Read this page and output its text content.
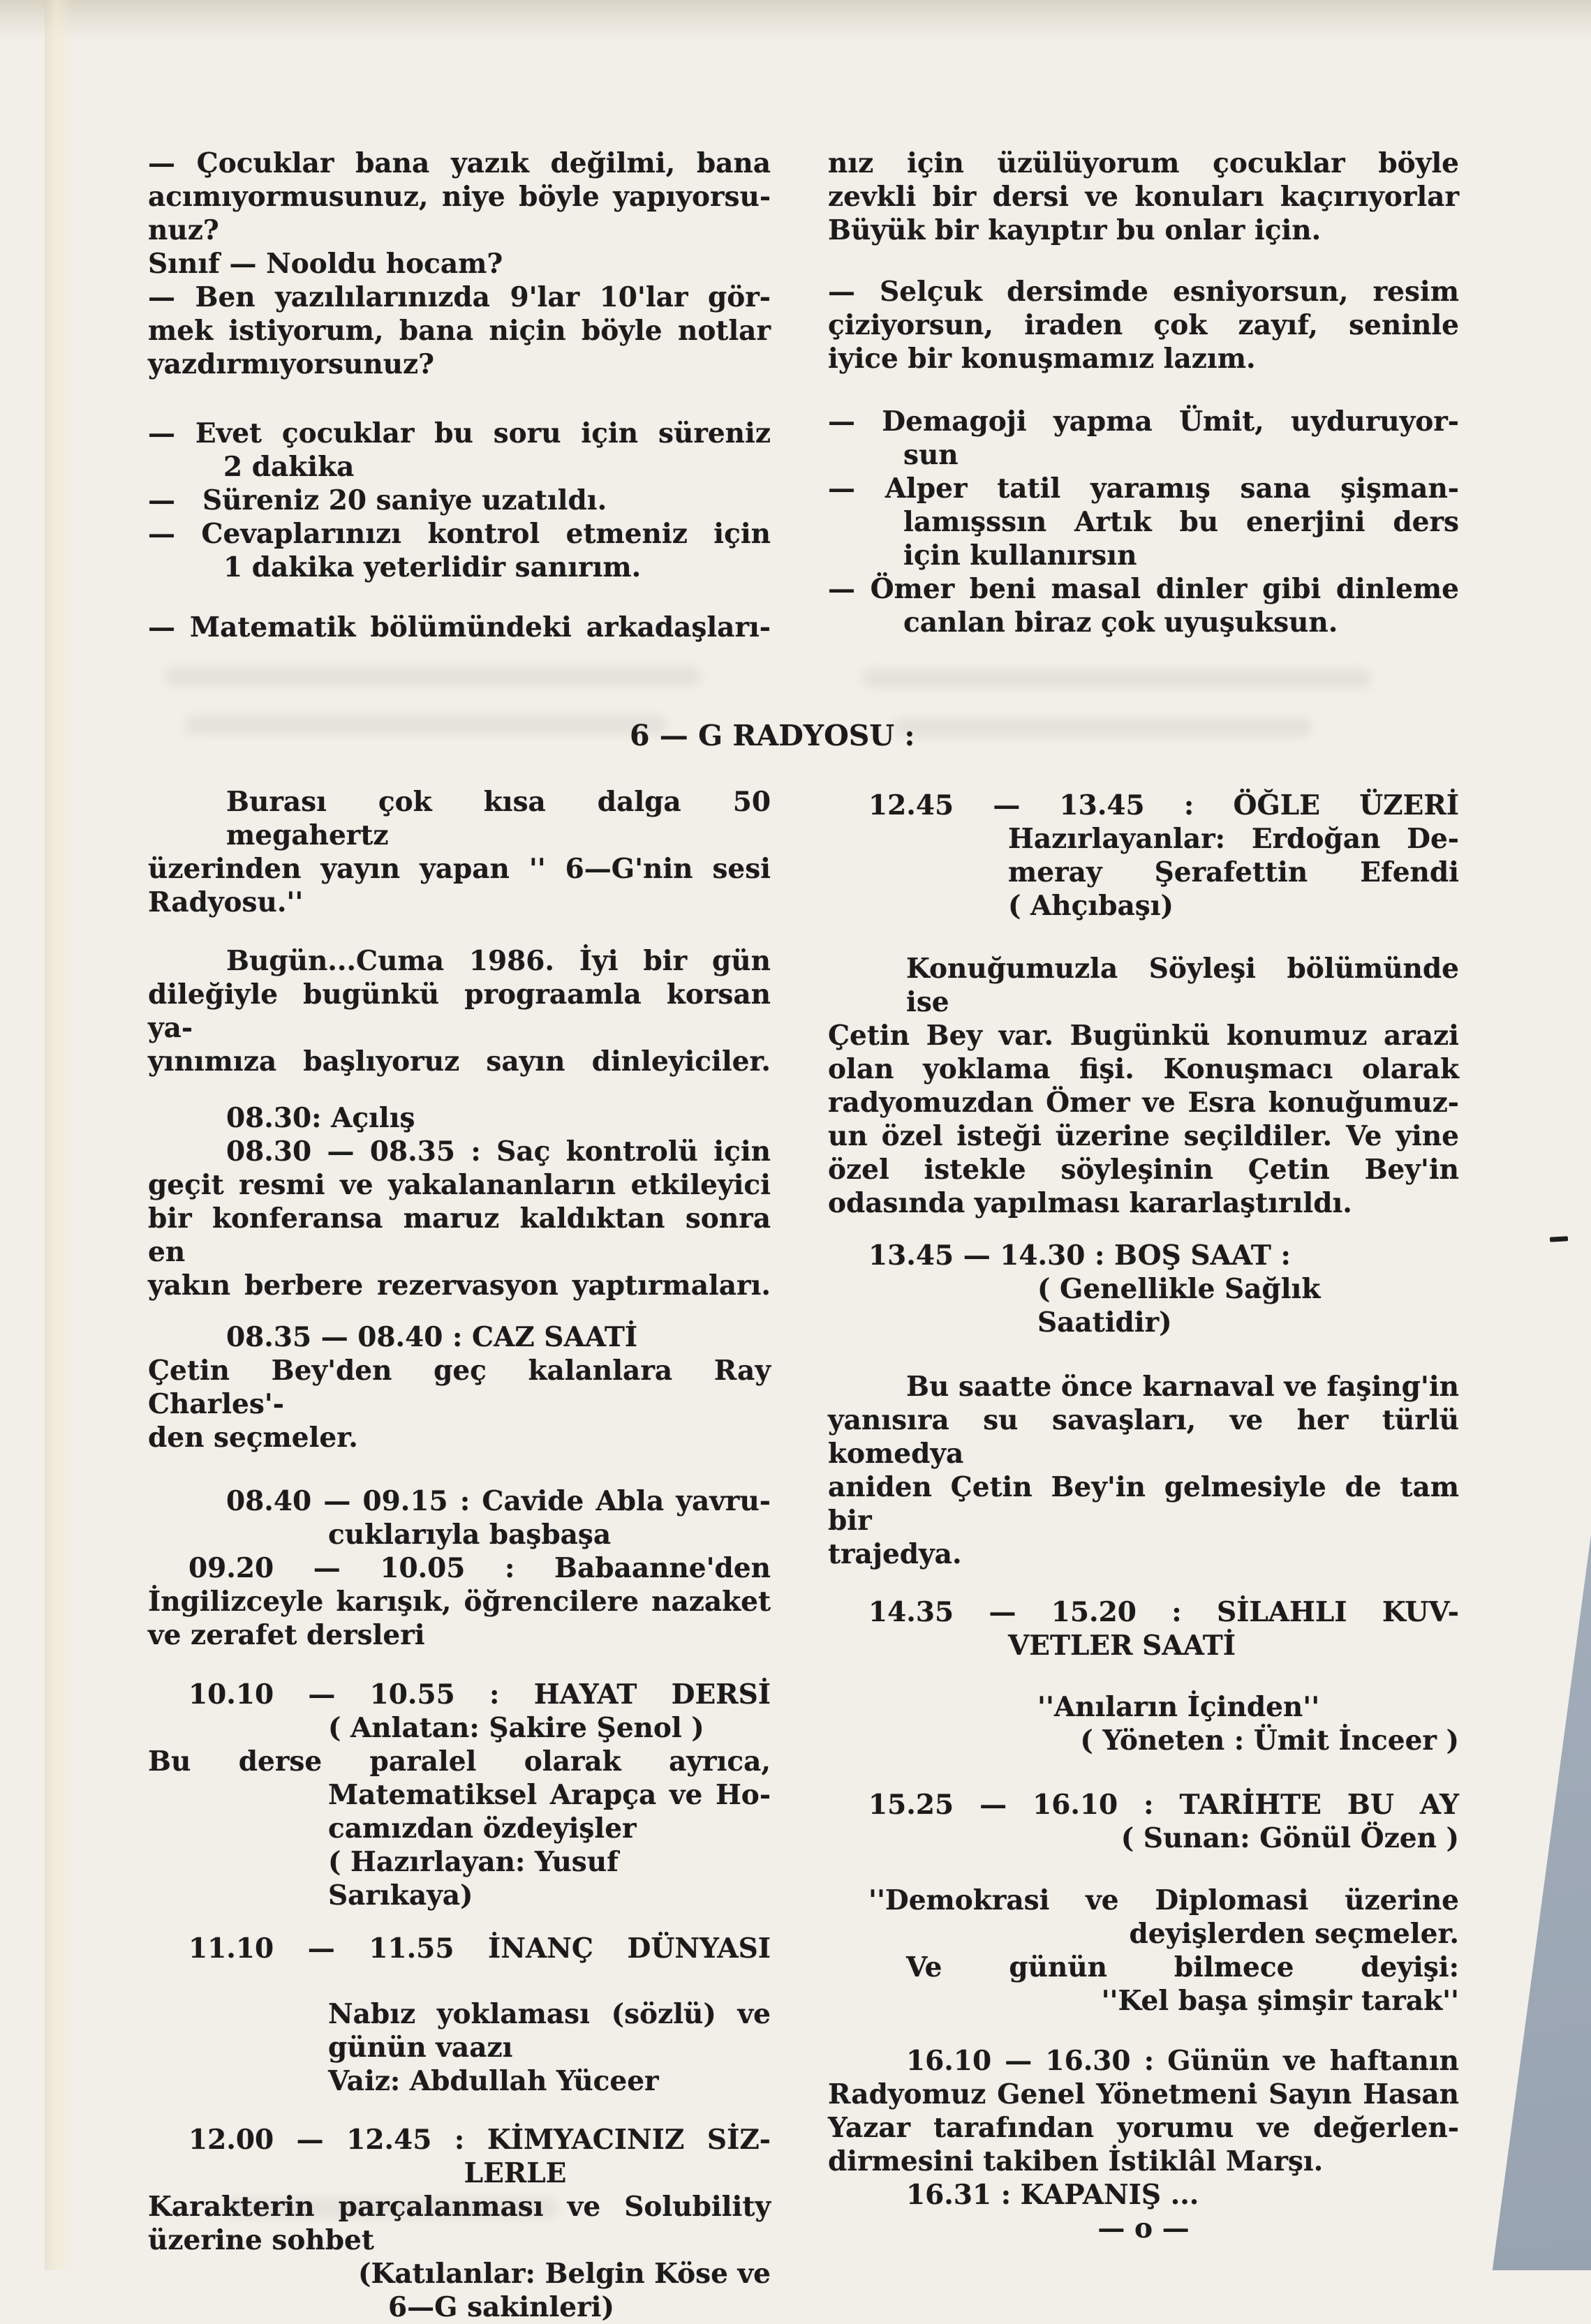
6 — G RADYOSU :
— Çocuklar bana yazık değilmi, bana
acımıyormusunuz, niye böyle yapıyorsu-
nuz?
Sınıf — Nooldu hocam?
— Ben yazılılarınızda 9'lar 10'lar gör-
mek istiyorum, bana niçin böyle notlar
yazdırmıyorsunuz?
— Evet çocuklar bu soru için süreniz
2 dakika
— Süreniz 20 saniye uzatıldı.
— Cevaplarınızı kontrol etmeniz için
1 dakika yeterlidir sanırım.
— Matematik bölümündeki arkadaşları-
Burası çok kısa dalga 50 megahertz
üzerinden yayın yapan '' 6—G'nin sesi
Radyosu.''
Bugün...Cuma 1986. İyi bir gün
dileğiyle bugünkü prograamla korsan ya-
yınımıza başlıyoruz sayın dinleyiciler.
08.30: Açılış
08.30 — 08.35 : Saç kontrolü için
geçit resmi ve yakalananların etkileyici
bir konferansa maruz kaldıktan sonra en
yakın berbere rezervasyon yaptırmaları.
08.35 — 08.40 : CAZ SAATİ
Çetin Bey'den geç kalanlara Ray Charles'-
den seçmeler.
08.40 — 09.15 : Cavide Abla yavru-
cuklarıyla başbaşa
09.20 — 10.05 : Babaanne'den
İngilizceyle karışık, öğrencilere nazaket
ve zerafet dersleri
10.10 — 10.55 : HAYAT DERSİ
( Anlatan: Şakire Şenol )
Bu derse paralel olarak ayrıca,
Matematiksel Arapça ve Ho-
camızdan özdeyişler
( Hazırlayan: Yusuf Sarıkaya)
11.10 — 11.55 İNANÇ DÜNYASI
Nabız yoklaması (sözlü) ve
günün vaazı
Vaiz: Abdullah Yüceer
12.00 — 12.45 : KİMYACINIZ SİZ-
LERLE
Karakterin parçalanması ve Solubility
üzerine sohbet
(Katılanlar: Belgin Köse ve
6—G sakinleri)
nız için üzülüyorum çocuklar böyle
zevkli bir dersi ve konuları kaçırıyorlar
Büyük bir kayıptır bu onlar için.
— Selçuk dersimde esniyorsun, resim
çiziyorsun, iraden çok zayıf, seninle
iyice bir konuşmamız lazım.
— Demagoji yapma Ümit, uyduruyor-
sun
— Alper tatil yaramış sana şişman-
lamışssın Artık bu enerjini ders
için kullanırsın
— Ömer beni masal dinler gibi dinleme
canlan biraz çok uyuşuksun.
12.45 — 13.45 : ÖĞLE ÜZERİ
Hazırlayanlar: Erdoğan De-
meray Şerafettin Efendi
( Ahçıbaşı)
Konuğumuzla Söyleşi bölümünde ise
Çetin Bey var. Bugünkü konumuz arazi
olan yoklama fişi. Konuşmacı olarak
radyomuzdan Ömer ve Esra konuğumuz-
un özel isteği üzerine seçildiler. Ve yine
özel istekle söyleşinin Çetin Bey'in
odasında yapılması kararlaştırıldı.
13.45 — 14.30 : BOŞ SAAT :
( Genellikle Sağlık Saatidir)
Bu saatte önce karnaval ve faşing'in
yanısıra su savaşları, ve her türlü komedya
aniden Çetin Bey'in gelmesiyle de tam bir
trajedya.
14.35 — 15.20 : SİLAHLI KUV-
VETLER SAATİ
''Anıların İçinden''
( Yöneten : Ümit İnceer )
15.25 — 16.10 : TARİHTE BU AY
( Sunan: Gönül Özen )
''Demokrasi ve Diplomasi üzerine
deyişlerden seçmeler.
Ve günün bilmece deyişi:
''Kel başa şimşir tarak''
16.10 — 16.30 : Günün ve haftanın
Radyomuz Genel Yönetmeni Sayın Hasan
Yazar tarafından yorumu ve değerlen-
dirmesini takiben İstiklâl Marşı.
16.31 : KAPANIŞ ...
— o —
